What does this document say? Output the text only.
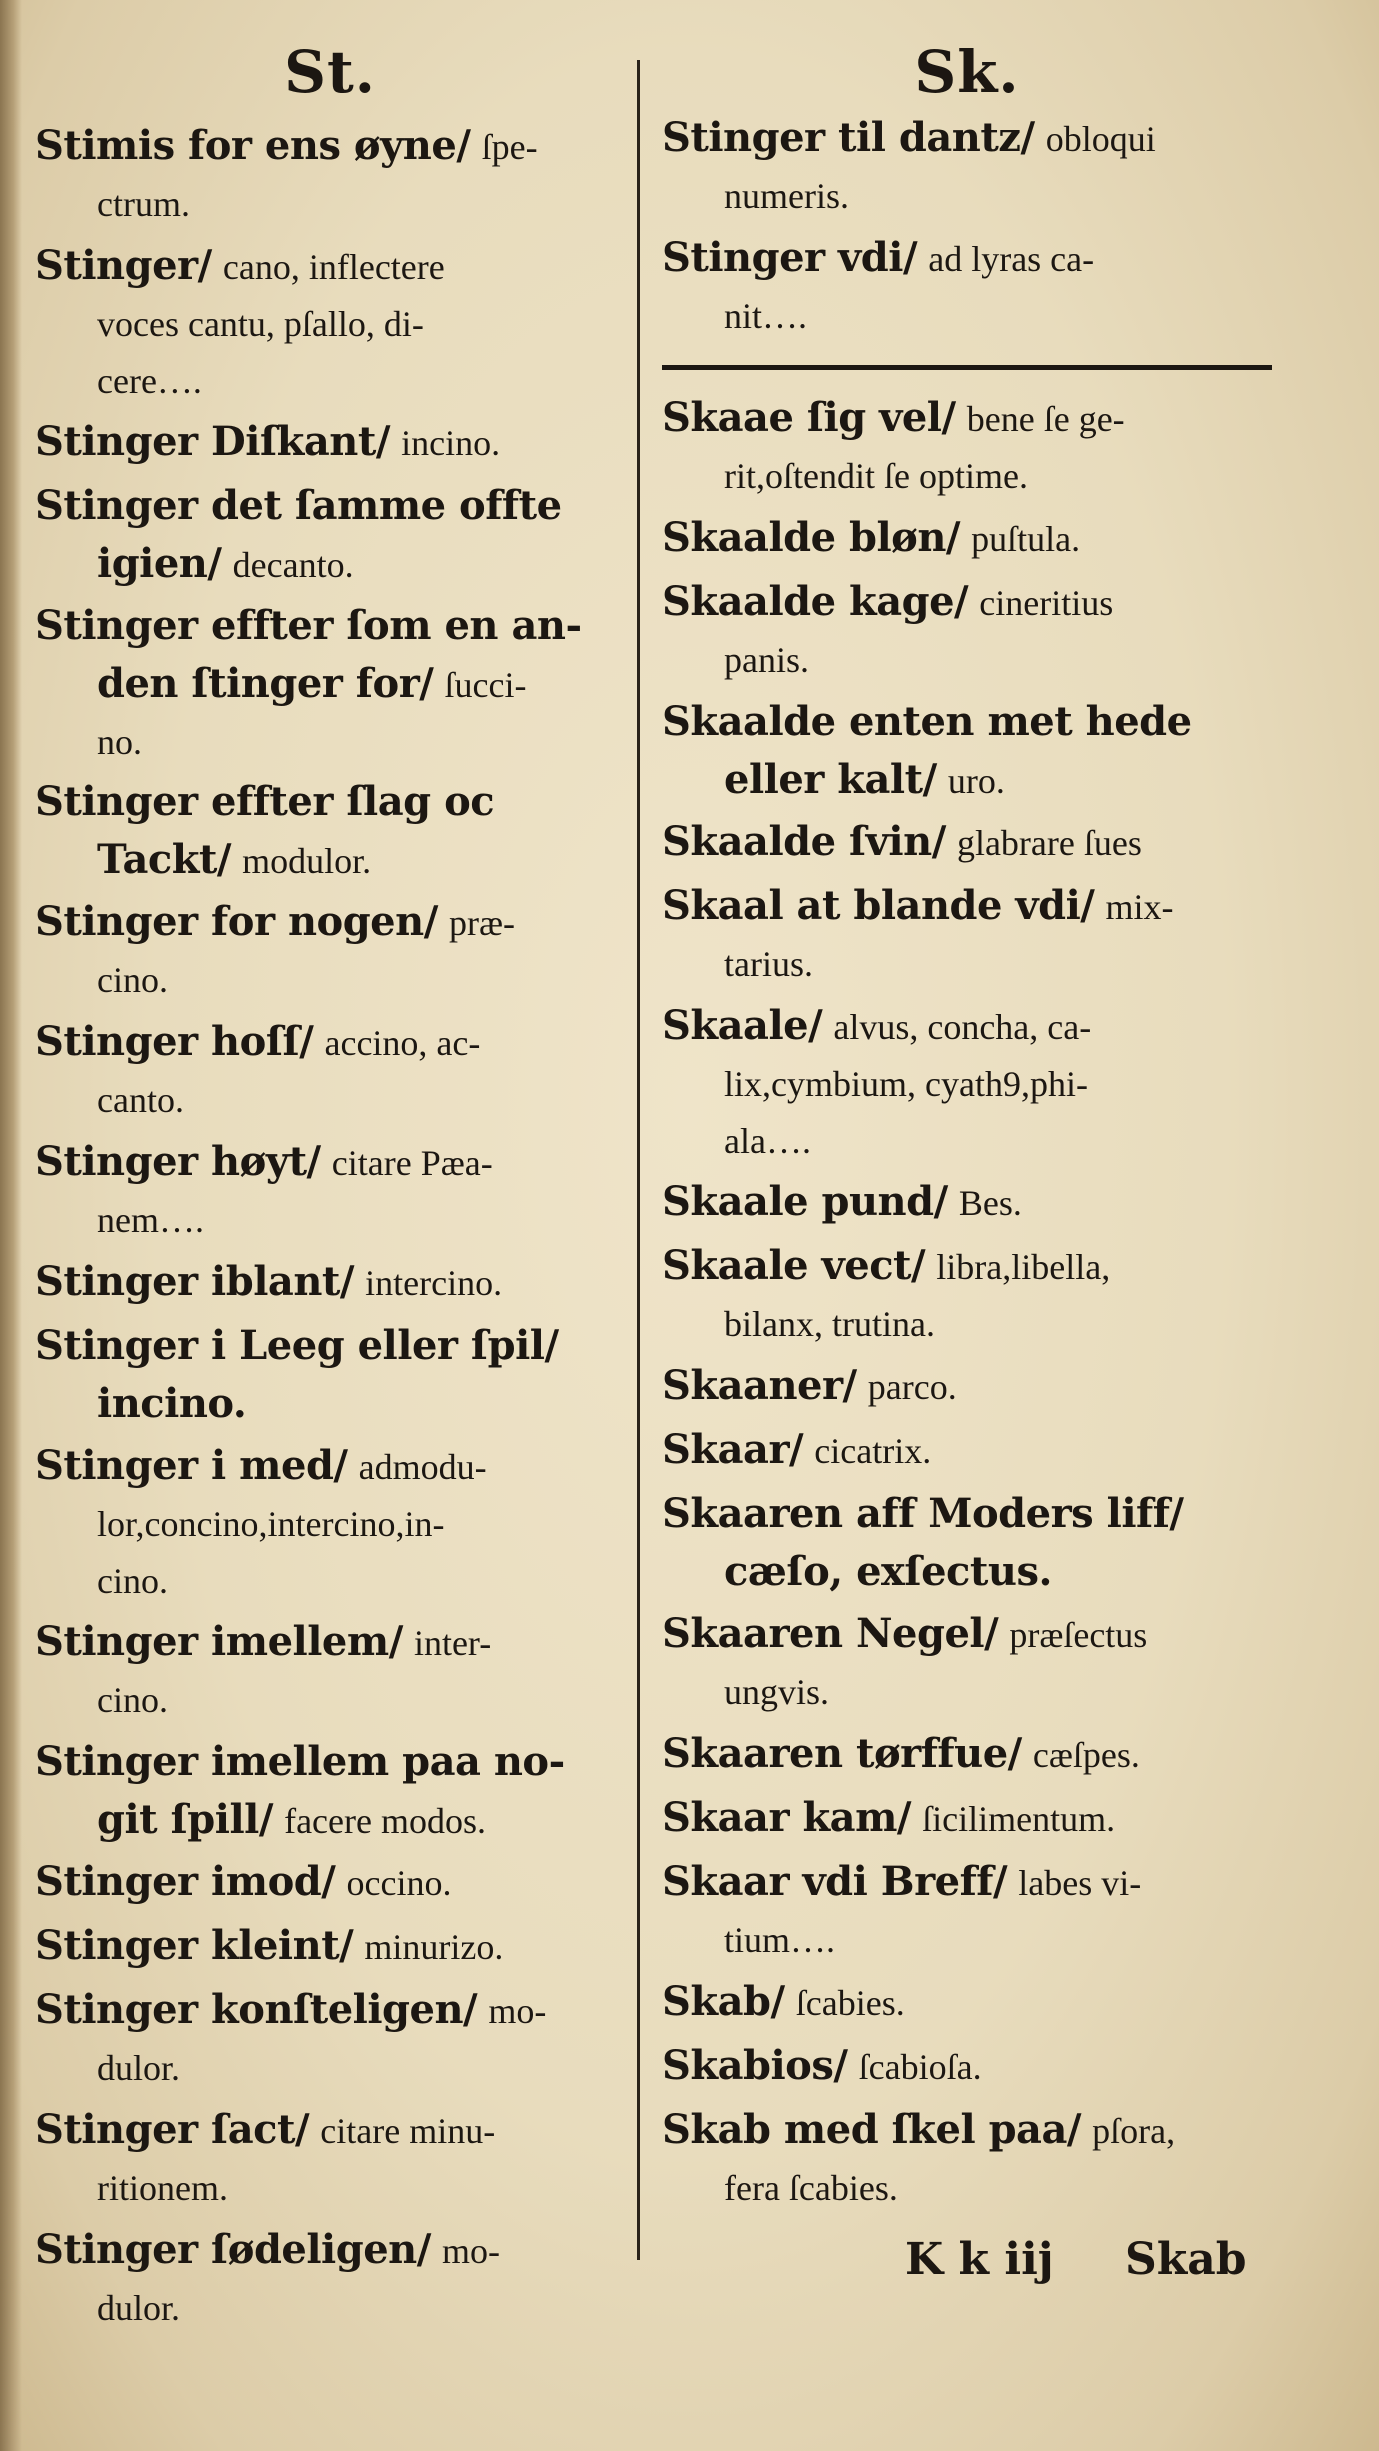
St.
Stimis for ens øyne/ ſpe-
ctrum.
Stinger/ cano, inflectere
voces cantu, pſallo, di-
cere….
Stinger Diſkant/ incino.
Stinger det ſamme offte
igien/ decanto.
Stinger effter ſom en an-
den ſtinger for/ ſucci-
no.
Stinger effter ſlag oc
Tackt/ modulor.
Stinger for nogen/ præ-
cino.
Stinger hoſſ/ accino, ac-
canto.
Stinger høyt/ citare Pæa-
nem….
Stinger iblant/ intercino.
Stinger i Leeg eller ſpil/
incino.
Stinger i med/ admodu-
lor,concino,intercino,in-
cino.
Stinger imellem/ inter-
cino.
Stinger imellem paa no-
git ſpill/ facere modos.
Stinger imod/ occino.
Stinger kleint/ minurizo.
Stinger konſteligen/ mo-
dulor.
Stinger ſact/ citare minu-
ritionem.
Stinger ſødeligen/ mo-
dulor.
Sk.
Stinger til dantz/ obloqui
numeris.
Stinger vdi/ ad lyras ca-
nit….
Skaae ſig vel/ bene ſe ge-
rit,oſtendit ſe optime.
Skaalde bløn/ puſtula.
Skaalde kage/ cineritius
panis.
Skaalde enten met hede
eller kalt/ uro.
Skaalde ſvin/ glabrare ſues
Skaal at blande vdi/ mix-
tarius.
Skaale/ alvus, concha, ca-
lix,cymbium, cyath9,phi-
ala….
Skaale pund/ Bes.
Skaale vect/ libra,libella,
bilanx, trutina.
Skaaner/ parco.
Skaar/ cicatrix.
Skaaren aff Moders liff/
cæſo, exſectus.
Skaaren Negel/ præſectus
ungvis.
Skaaren tørffue/ cæſpes.
Skaar kam/ ſicilimentum.
Skaar vdi Breff/ labes vi-
tium….
Skab/ ſcabies.
Skabios/ ſcabioſa.
Skab med ſkel paa/ pſora,
fera ſcabies.
K k iij Skab
